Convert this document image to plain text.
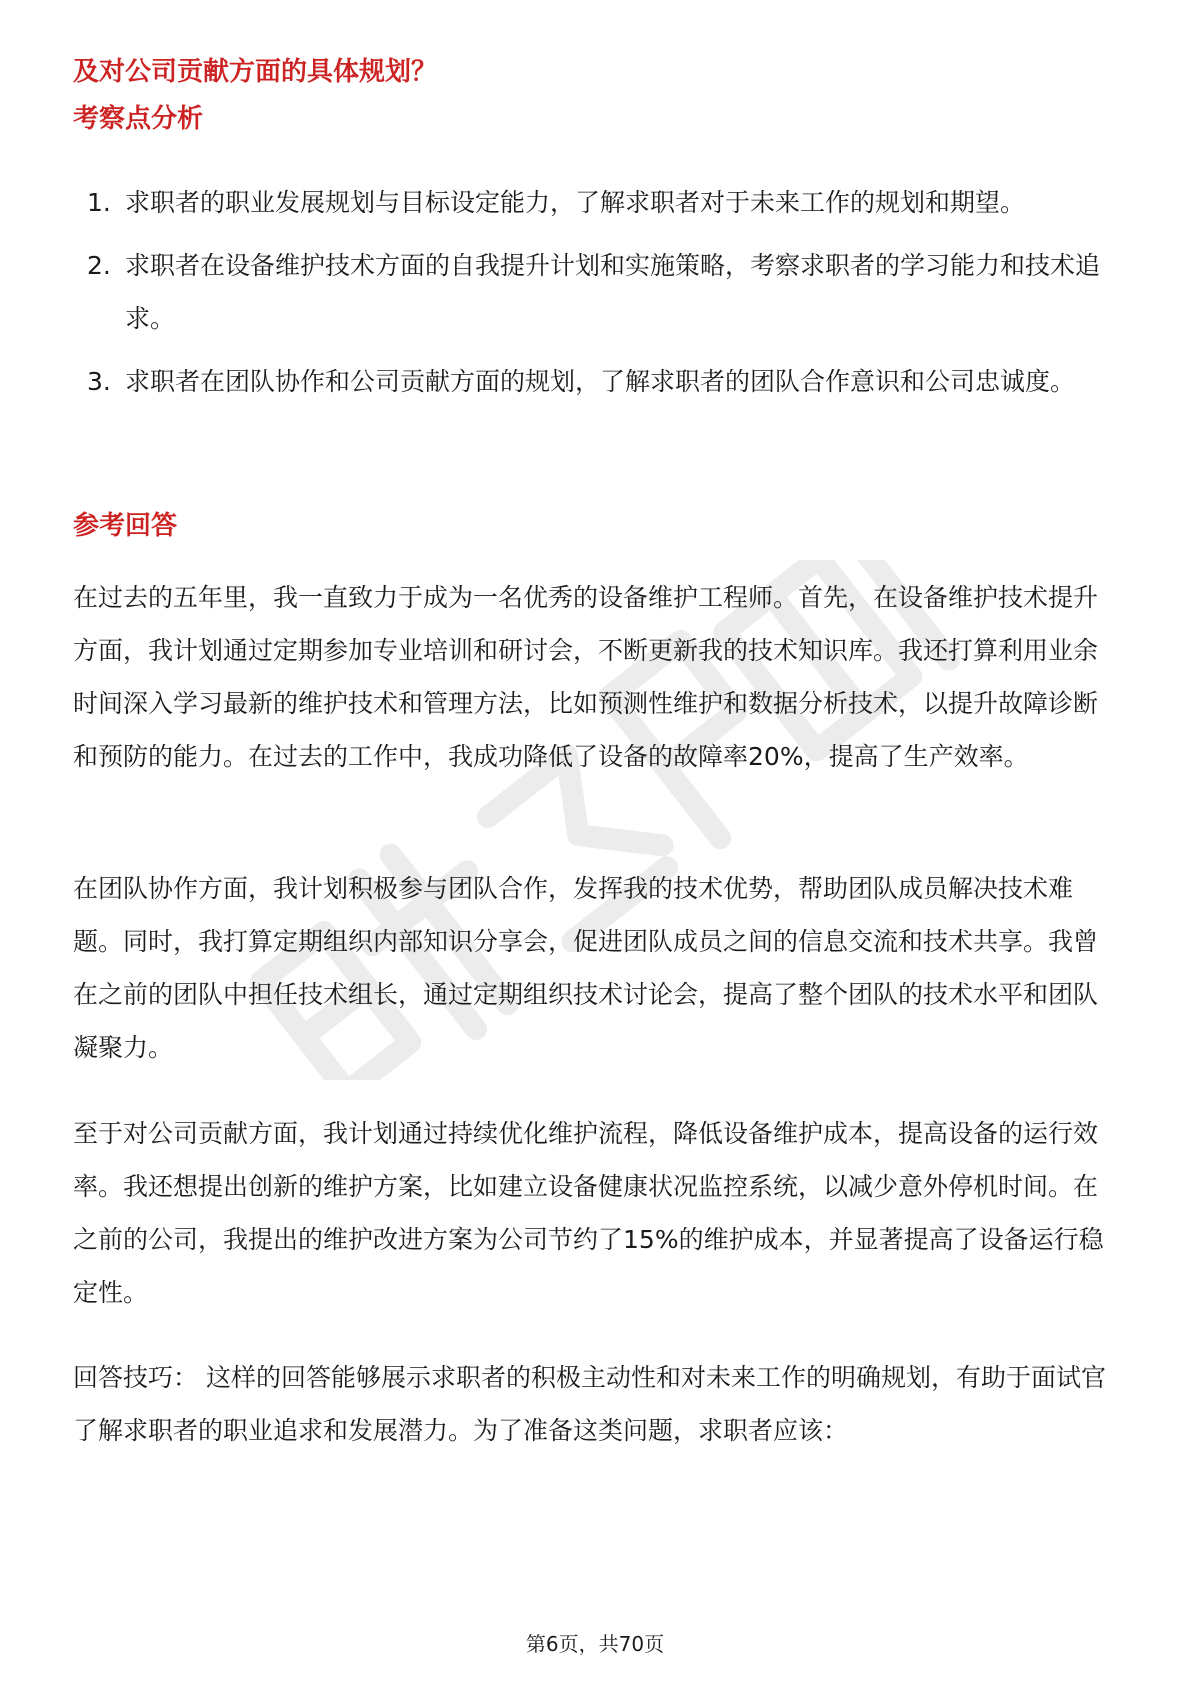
及对公司贡献方面的具体规划？
考察点分析
1. 求职者的职业发展规划与目标设定能力，了解求职者对于未来工作的规划和期望。
2. 求职者在设备维护技术方面的自我提升计划和实施策略，考察求职者的学习能力和技术追求。
3. 求职者在团队协作和公司贡献方面的规划，了解求职者的团队合作意识和公司忠诚度。
参考回答

在过去的五年里，我一直致力于成为一名优秀的设备维护工程师。首先，在设备维护技术提升方面，我计划通过定期参加专业培训和研讨会，不断更新我的技术知识库。我还打算利用业余时间深入学习最新的维护技术和管理方法，比如预测性维护和数据分析技术，以提升故障诊断和预防的能力。在过去的工作中，我成功降低了设备的故障率20%，提高了生产效率。

在团队协作方面，我计划积极参与团队合作，发挥我的技术优势，帮助团队成员解决技术难题。同时，我打算定期组织内部知识分享会，促进团队成员之间的信息交流和技术共享。我曾在之前的团队中担任技术组长，通过定期组织技术讨论会，提高了整个团队的技术水平和团队凝聚力。

至于对公司贡献方面，我计划通过持续优化维护流程，降低设备维护成本，提高设备的运行效率。我还想提出创新的维护方案，比如建立设备健康状况监控系统，以减少意外停机时间。在之前的公司，我提出的维护改进方案为公司节约了15%的维护成本，并显著提高了设备运行稳定性。

回答技巧： 这样的回答能够展示求职者的积极主动性和对未来工作的明确规划，有助于面试官了解求职者的职业追求和发展潜力。为了准备这类问题，求职者应该：

第6页，共70页
